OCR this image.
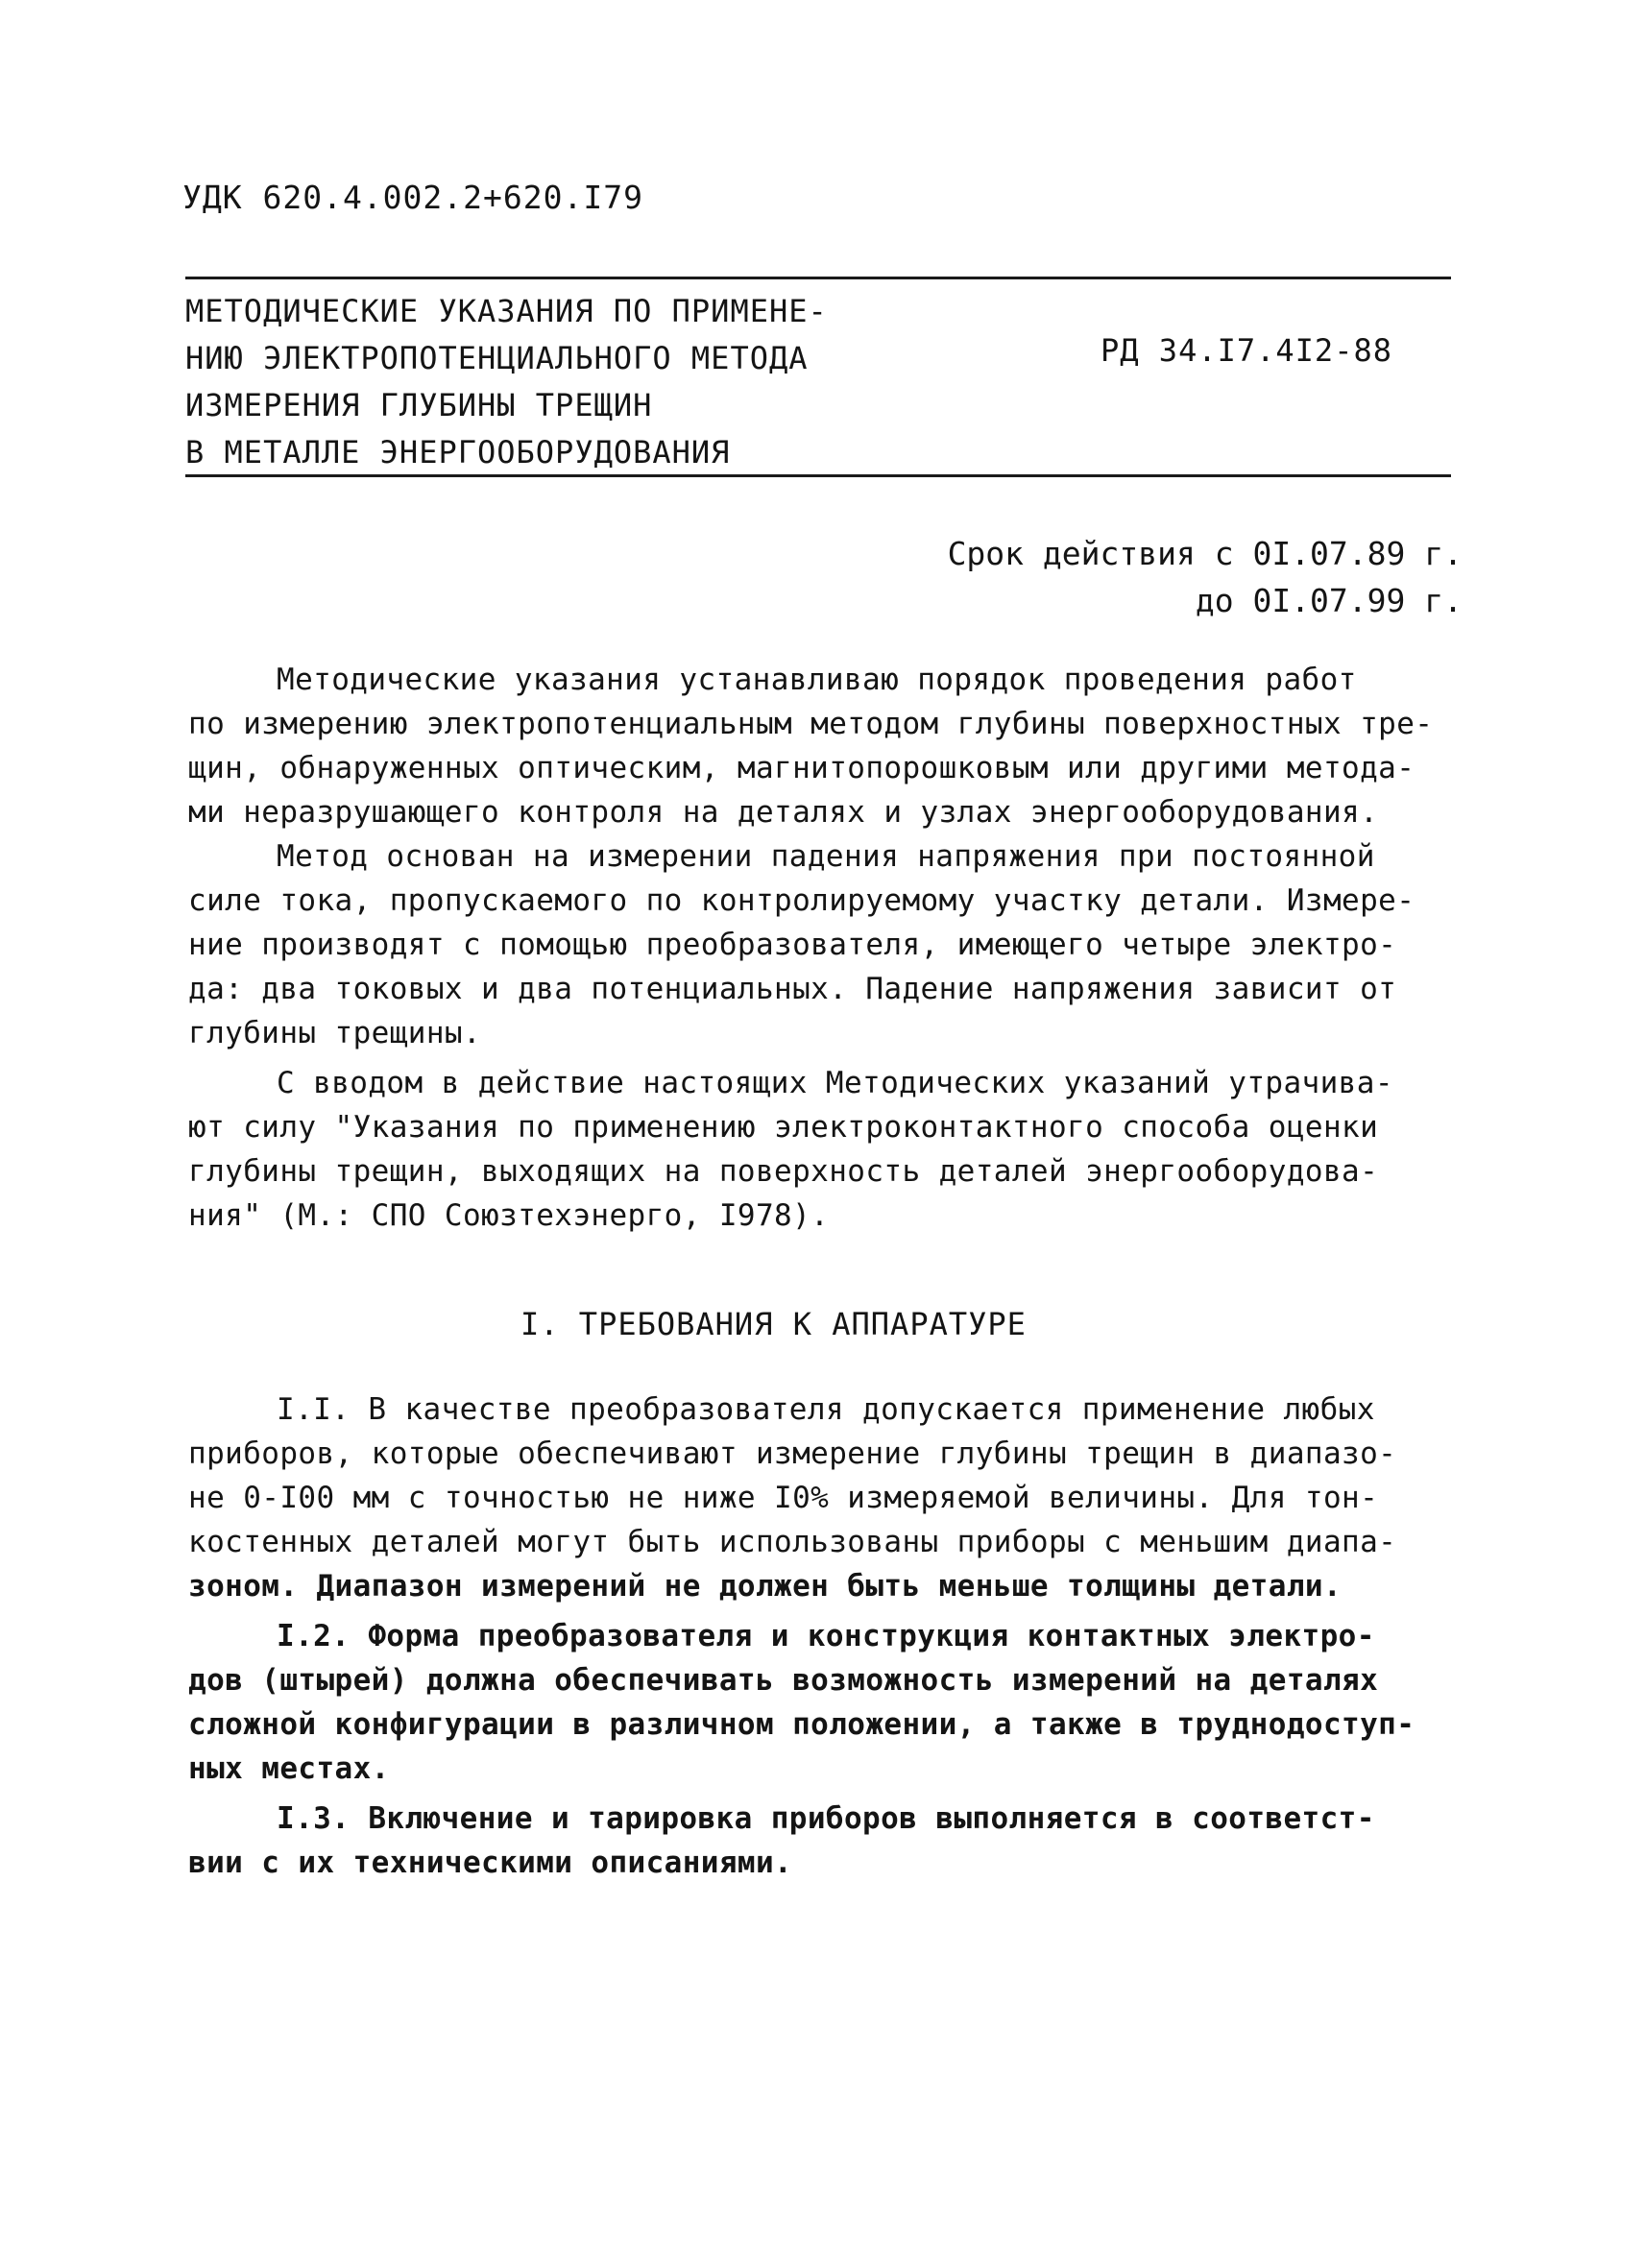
УДК 620.4.002.2+620.I79
МЕТОДИЧЕСКИЕ УКАЗАНИЯ ПО ПРИМЕНЕ-
НИЮ ЭЛЕКТРОПОТЕНЦИАЛЬНОГО МЕТОДА
ИЗМЕРЕНИЯ ГЛУБИНЫ ТРЕЩИН
В МЕТАЛЛЕ ЭНЕРГООБОРУДОВАНИЯ
РД 34.I7.4I2-88
Срок действия с 0I.07.89 г.
до 0I.07.99 г.
Методические указания устанавливаю порядок проведения работ
по измерению электропотенциальным методом глубины поверхностных тре-
щин, обнаруженных оптическим, магнитопорошковым или другими метода-
ми неразрушающего контроля на деталях и узлах энергооборудования.
Метод основан на измерении падения напряжения при постоянной
силе тока, пропускаемого по контролируемому участку детали. Измере-
ние производят с помощью преобразователя, имеющего четыре электро-
да: два токовых и два потенциальных. Падение напряжения зависит от
глубины трещины.
С вводом в действие настоящих Методических указаний утрачива-
ют силу "Указания по применению электроконтактного способа оценки
глубины трещин, выходящих на поверхность деталей энергооборудова-
ния" (М.: СПО Союзтехэнерго, I978).
I. ТРЕБОВАНИЯ К АППАРАТУРЕ
I.I. В качестве преобразователя допускается применение любых
приборов, которые обеспечивают измерение глубины трещин в диапазо-
не 0-I00 мм с точностью не ниже I0% измеряемой величины. Для тон-
костенных деталей могут быть использованы приборы с меньшим диапа-
зоном. Диапазон измерений не должен быть меньше толщины детали.
I.2. Форма преобразователя и конструкция контактных электро-
дов (штырей) должна обеспечивать возможность измерений на деталях
сложной конфигурации в различном положении, а также в труднодоступ-
ных местах.
I.3. Включение и тарировка приборов выполняется в соответст-
вии с их техническими описаниями.
